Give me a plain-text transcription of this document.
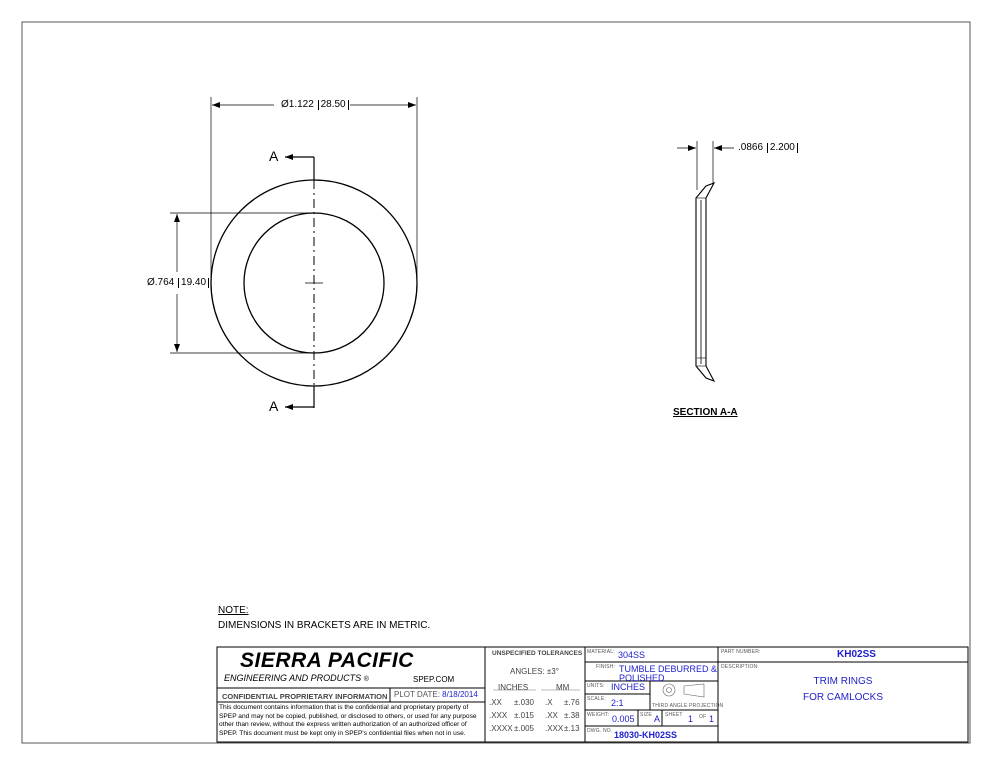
Ø1.122 28.50
Ø.764 19.40
A
A
.0866 2.200
SECTION A-A
NOTE:
DIMENSIONS IN BRACKETS ARE IN METRIC.
SIERRA PACIFIC
ENGINEERING AND PRODUCTS ®	SPEP.COM
CONFIDENTIAL PROPRIETARY INFORMATION PLOT DATE: 8/18/2014
This document contains information that is the confidential and proprietary property of
SPEP and may not be copied, published, or disclosed to others, or used for any purpose
other than review, without the express written authorization of an authorized officer of
SPEP. This document must be kept only in SPEP's confidential files when not in use.
UNSPECIFIED TOLERANCES
ANGLES: ±3°
INCHES	MM
.XX ±.030 .X ±.76
.XXX ±.015 .XX ±.38
.XXXX ±.005 .XXX ±.13
MATERIAL: 304SS
FINISH: TUMBLE DEBURRED & POLISHED
UNITS: INCHES
SCALE: 2:1	THIRD ANGLE PROJECTION
WEIGHT: 0.005 SIZE A SHEET 1 OF 1
DWG. NO. 18030-KH02SS
PART NUMBER:	KH02SS
DESCRIPTION:
TRIM RINGS
FOR CAMLOCKS
